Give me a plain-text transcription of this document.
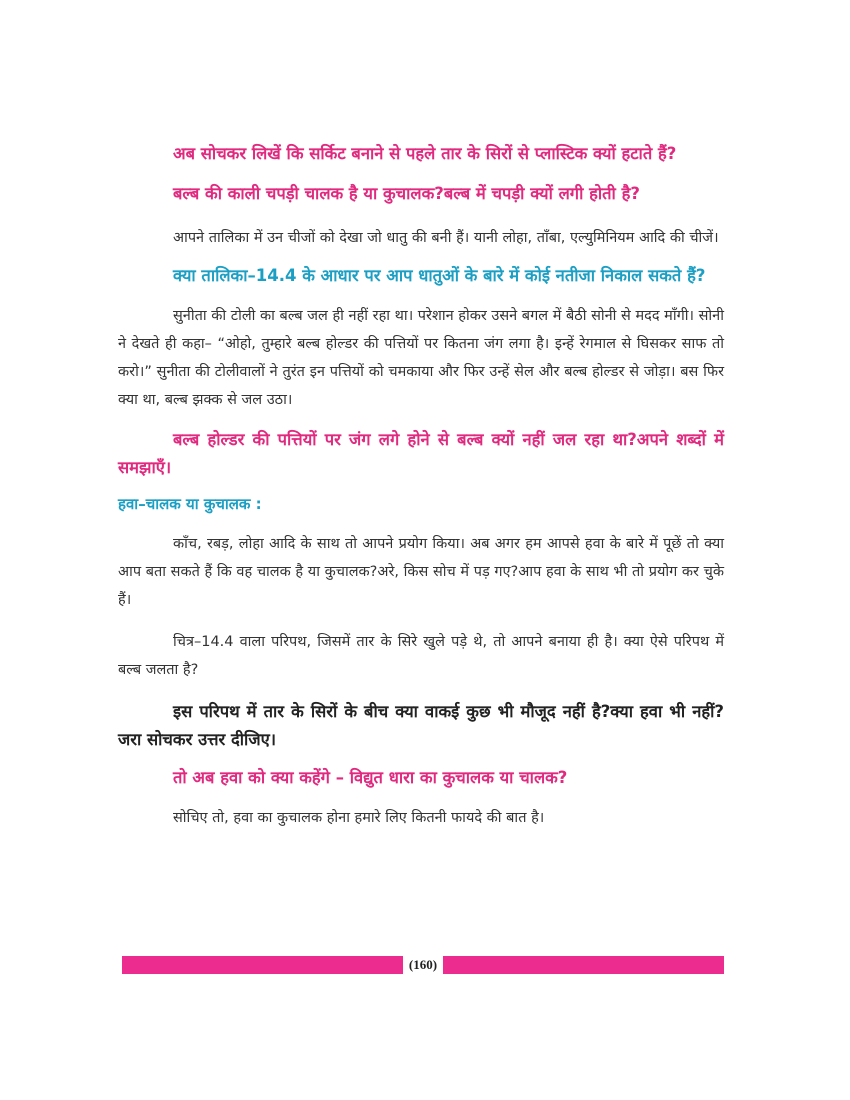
अब सोचकर लिखें कि सर्किट बनाने से पहले तार के सिरों से प्लास्टिक क्यों हटाते हैं?

बल्ब की काली चपड़ी चालक है या कुचालक?बल्ब में चपड़ी क्यों लगी होती है?

आपने तालिका में उन चीजों को देखा जो धातु की बनी हैं। यानी लोहा, ताँबा, एल्युमिनियम आदि की चीजें।

क्या तालिका–14.4 के आधार पर आप धातुओं के बारे में कोई नतीजा निकाल सकते हैं?

सुनीता की टोली का बल्ब जल ही नहीं रहा था। परेशान होकर उसने बगल में बैठी सोनी से मदद माँगी। सोनी ने देखते ही कहा– “ओहो, तुम्हारे बल्ब होल्डर की पत्तियों पर कितना जंग लगा है। इन्हें रेगमाल से घिसकर साफ तो करो।” सुनीता की टोलीवालों ने तुरंत इन पत्तियों को चमकाया और फिर उन्हें सेल और बल्ब होल्डर से जोड़ा। बस फिर क्या था, बल्ब झक्क से जल उठा।

बल्ब होल्डर की पत्तियों पर जंग लगे होने से बल्ब क्यों नहीं जल रहा था?अपने शब्दों में समझाएँ।

हवा–चालक या कुचालक :

काँच, रबड़, लोहा आदि के साथ तो आपने प्रयोग किया। अब अगर हम आपसे हवा के बारे में पूछें तो क्या आप बता सकते हैं कि वह चालक है या कुचालक?अरे, किस सोच में पड़ गए?आप हवा के साथ भी तो प्रयोग कर चुके हैं।

चित्र–14.4 वाला परिपथ, जिसमें तार के सिरे खुले पड़े थे, तो आपने बनाया ही है। क्या ऐसे परिपथ में बल्ब जलता है?

इस परिपथ में तार के सिरों के बीच क्या वाकई कुछ भी मौजूद नहीं है?क्या हवा भी नहीं?जरा सोचकर उत्तर दीजिए।

तो अब हवा को क्या कहेंगे – विद्युत धारा का कुचालक या चालक?

सोचिए तो, हवा का कुचालक होना हमारे लिए कितनी फायदे की बात है।

(160)
